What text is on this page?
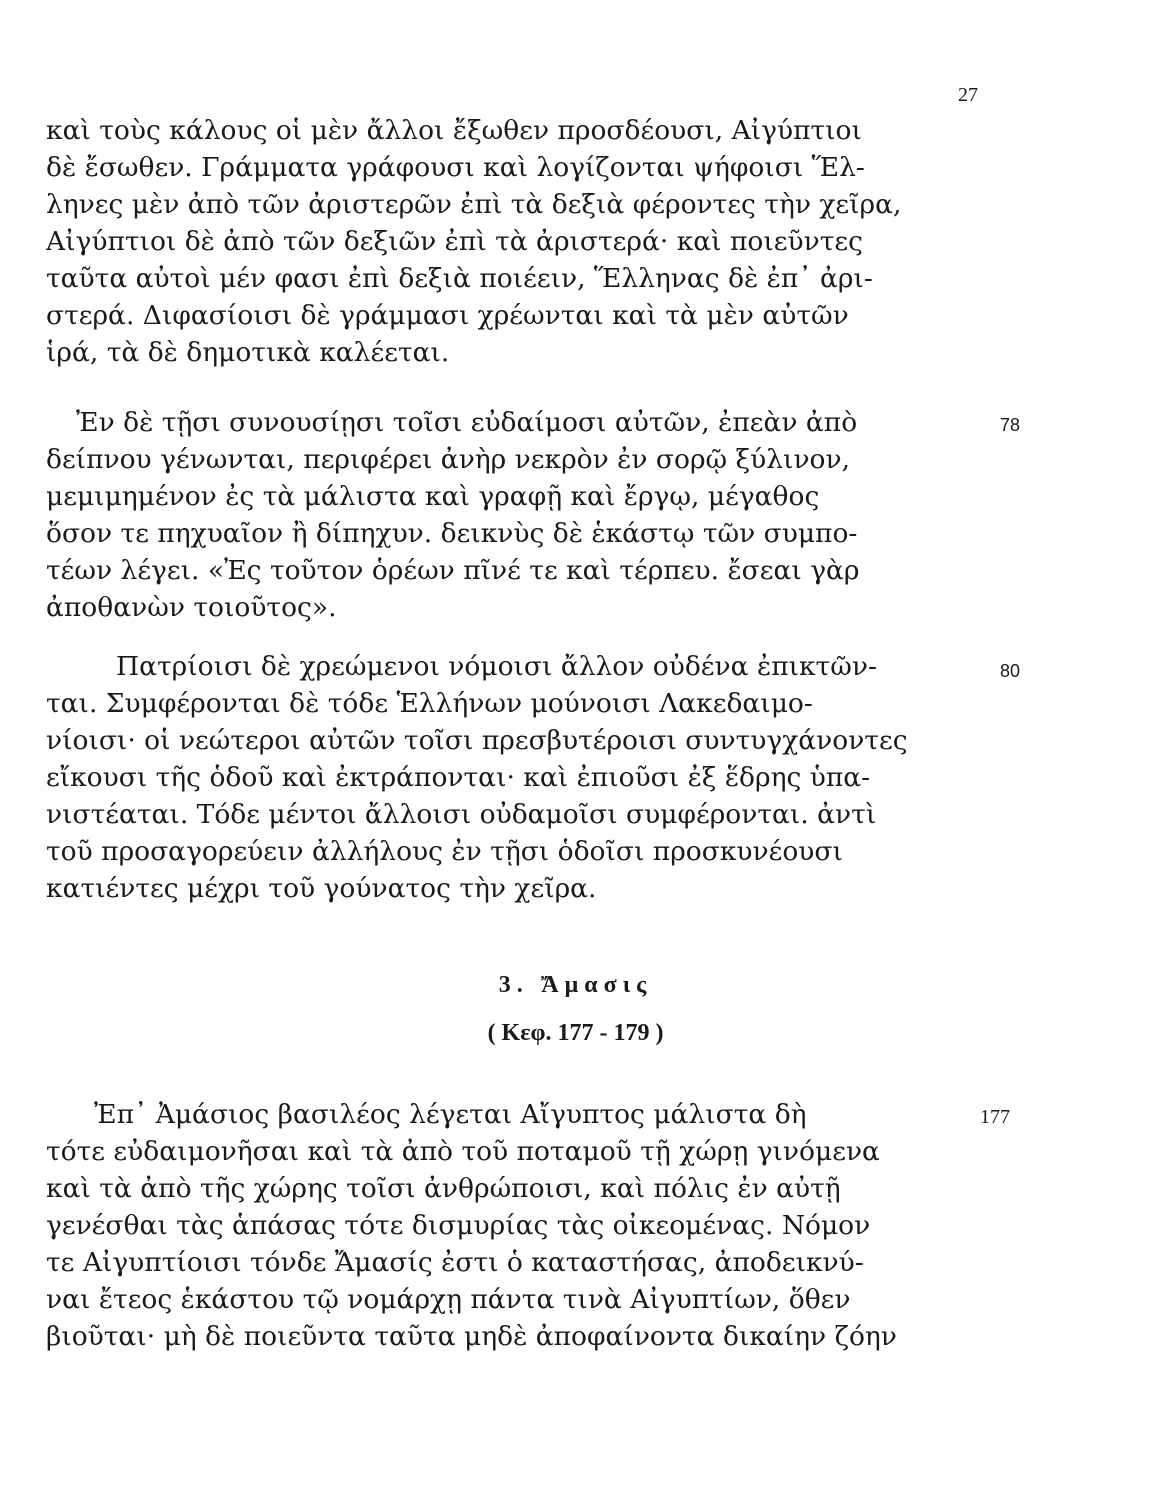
27
καὶ τοὺς κάλους οἱ μὲν ἄλλοι ἔξωθεν προσδέουσι, Αἰγύπτιοι
δὲ ἔσωθεν. Γράμματα γράφουσι καὶ λογίζονται ψήφοισι Ἕλ-
ληνες μὲν ἀπὸ τῶν ἀριστερῶν ἐπὶ τὰ δεξιὰ φέροντες τὴν χεῖρα,
Αἰγύπτιοι δὲ ἀπὸ τῶν δεξιῶν ἐπὶ τὰ ἀριστερά· καὶ ποιεῦντες
ταῦτα αὐτοὶ μέν φασι ἐπὶ δεξιὰ ποιέειν, Ἕλληνας δὲ ἐπ᾽ ἀρι-
στερά. Διφασίοισι δὲ γράμμασι χρέωνται καὶ τὰ μὲν αὐτῶν
ἱρά, τὰ δὲ δημοτικὰ καλέεται.
Ἐν δὲ τῇσι συνουσίῃσι τοῖσι εὐδαίμοσι αὐτῶν, ἐπεὰν ἀπὸ
δείπνου γένωνται, περιφέρει ἀνὴρ νεκρὸν ἐν σορῷ ξύλινον,
μεμιμημένον ἐς τὰ μάλιστα καὶ γραφῇ καὶ ἔργῳ, μέγαθος
ὅσον τε πηχυαῖον ἢ δίπηχυν. δεικνὺς δὲ ἑκάστῳ τῶν συμπο-
τέων λέγει. «Ἐς τοῦτον ὁρέων πῖνέ τε καὶ τέρπευ. ἔσεαι γὰρ
ἀποθανὼν τοιοῦτος».
78
Πατρίοισι δὲ χρεώμενοι νόμοισι ἄλλον οὐδένα ἐπικτῶν-
ται. Συμφέρονται δὲ τόδε Ἑλλήνων μούνοισι Λακεδαιμο-
νίοισι· οἱ νεώτεροι αὐτῶν τοῖσι πρεσβυτέροισι συντυγχάνοντες
εἴκουσι τῆς ὁδοῦ καὶ ἐκτράπονται· καὶ ἐπιοῦσι ἐξ ἕδρης ὑπα-
νιστέαται. Τόδε μέντοι ἄλλοισι οὐδαμοῖσι συμφέρονται. ἀντὶ
τοῦ προσαγορεύειν ἀλλήλους ἐν τῇσι ὁδοῖσι προσκυνέουσι
κατιέντες μέχρι τοῦ γούνατος τὴν χεῖρα.
80
3. Ἄμασις
( Κεφ. 177 - 179 )
Ἐπ᾽ Ἀμάσιος βασιλέος λέγεται Αἴγυπτος μάλιστα δὴ
τότε εὐδαιμονῆσαι καὶ τὰ ἀπὸ τοῦ ποταμοῦ τῇ χώρῃ γινόμενα
καὶ τὰ ἀπὸ τῆς χώρης τοῖσι ἀνθρώποισι, καὶ πόλις ἐν αὐτῇ
γενέσθαι τὰς ἁπάσας τότε δισμυρίας τὰς οἰκεομένας. Νόμον
τε Αἰγυπτίοισι τόνδε Ἄμασίς ἐστι ὁ καταστήσας, ἀποδεικνύ-
ναι ἔτεος ἑκάστου τῷ νομάρχῃ πάντα τινὰ Αἰγυπτίων, ὅθεν
βιοῦται· μὴ δὲ ποιεῦντα ταῦτα μηδὲ ἀποφαίνοντα δικαίην ζόην
177
